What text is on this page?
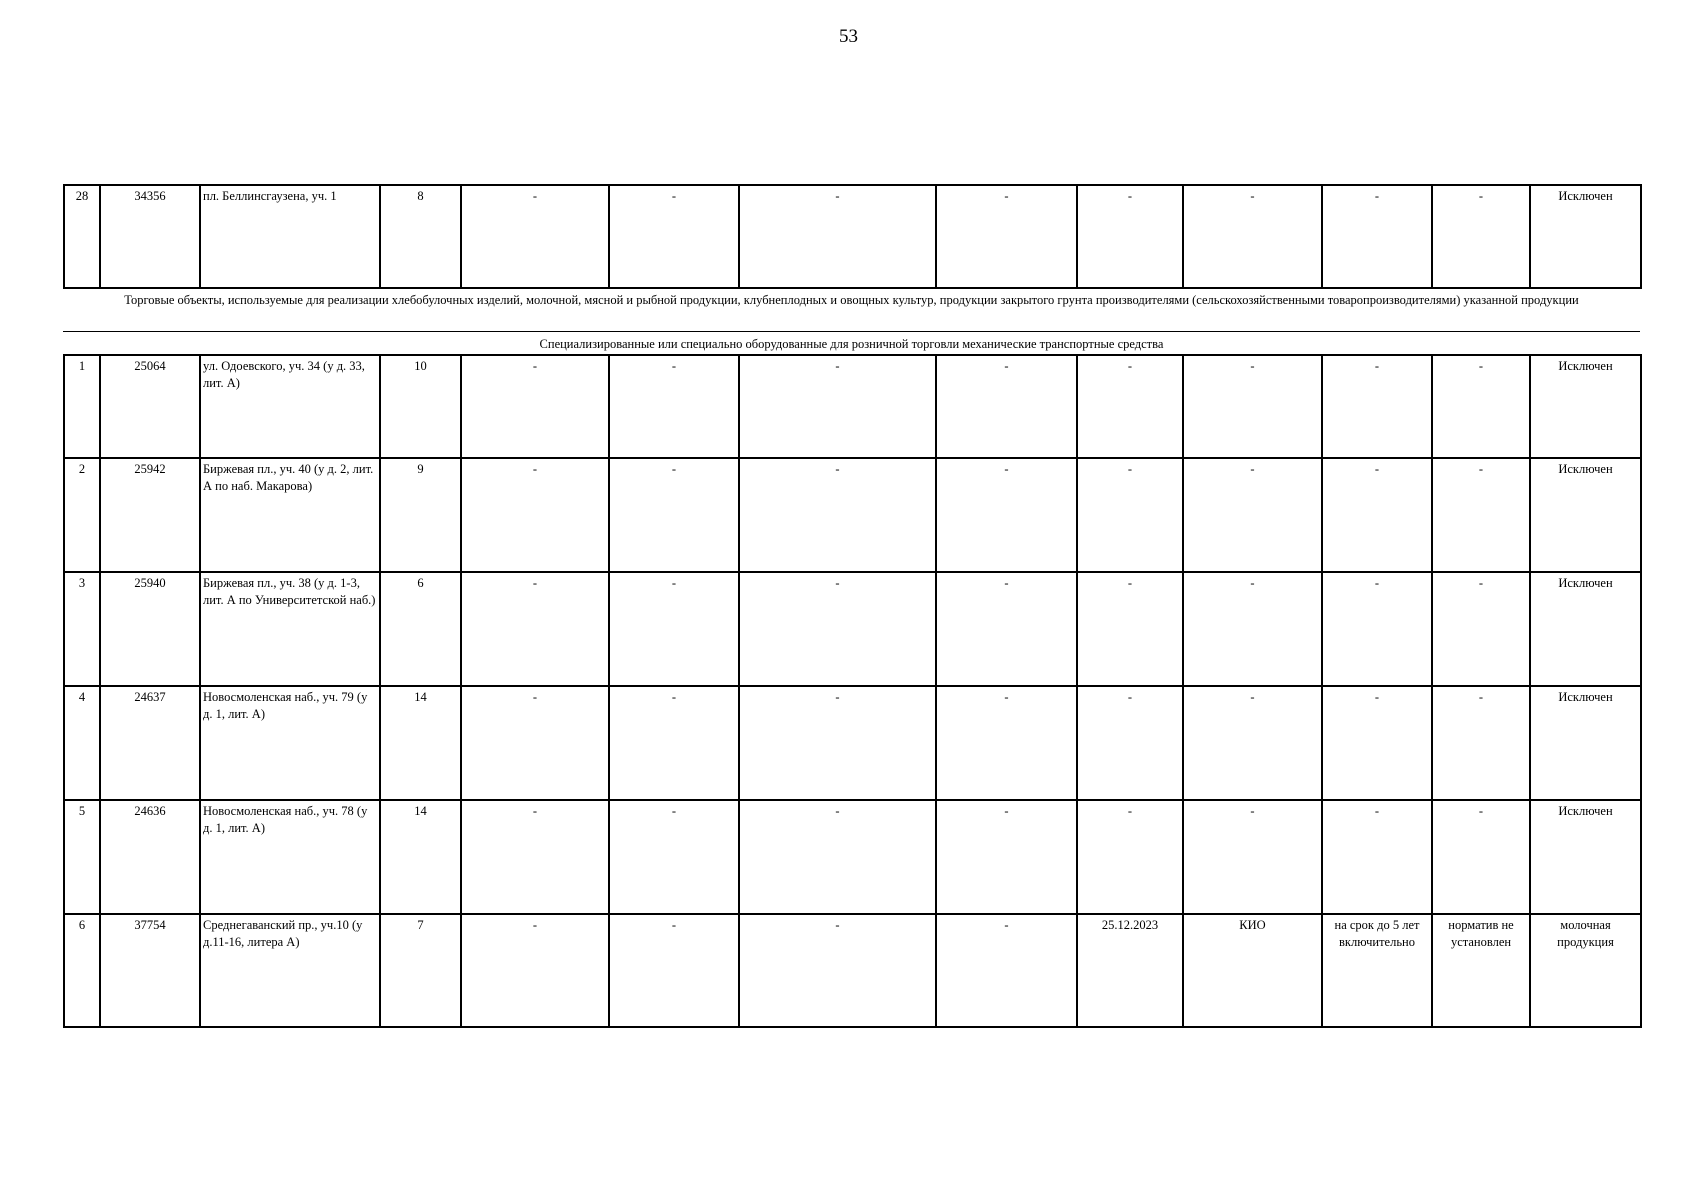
53
28	34356	пл. Беллинсгаузена, уч. 1	8	-	-	-	-	-	-	-	-	Исключен
Торговые объекты, используемые для реализации хлебобулочных изделий, молочной, мясной и рыбной продукции, клубнеплодных и овощных культур, продукции закрытого грунта производителями (сельскохозяйственными товаропроизводителями) указанной продукции
Специализированные или специально оборудованные для розничной торговли механические транспортные средства
1	25064	ул. Одоевского, уч. 34 (у д. 33, лит. А)	10	-	-	-	-	-	-	-	-	Исключен
2	25942	Биржевая пл., уч. 40 (у д. 2, лит. А по наб. Макарова)	9	-	-	-	-	-	-	-	-	Исключен
3	25940	Биржевая пл., уч. 38 (у д. 1-3, лит. А по Университетской наб.)	6	-	-	-	-	-	-	-	-	Исключен
4	24637	Новосмоленская наб., уч. 79 (у д. 1, лит. А)	14	-	-	-	-	-	-	-	-	Исключен
5	24636	Новосмоленская наб., уч. 78 (у д. 1, лит. А)	14	-	-	-	-	-	-	-	-	Исключен
6	37754	Среднегаванский пр., уч.10 (у д.11-16, литера А)	7	-	-	-	-	25.12.2023	КИО	на срок до 5 лет включительно	норматив не установлен	молочная продукция
